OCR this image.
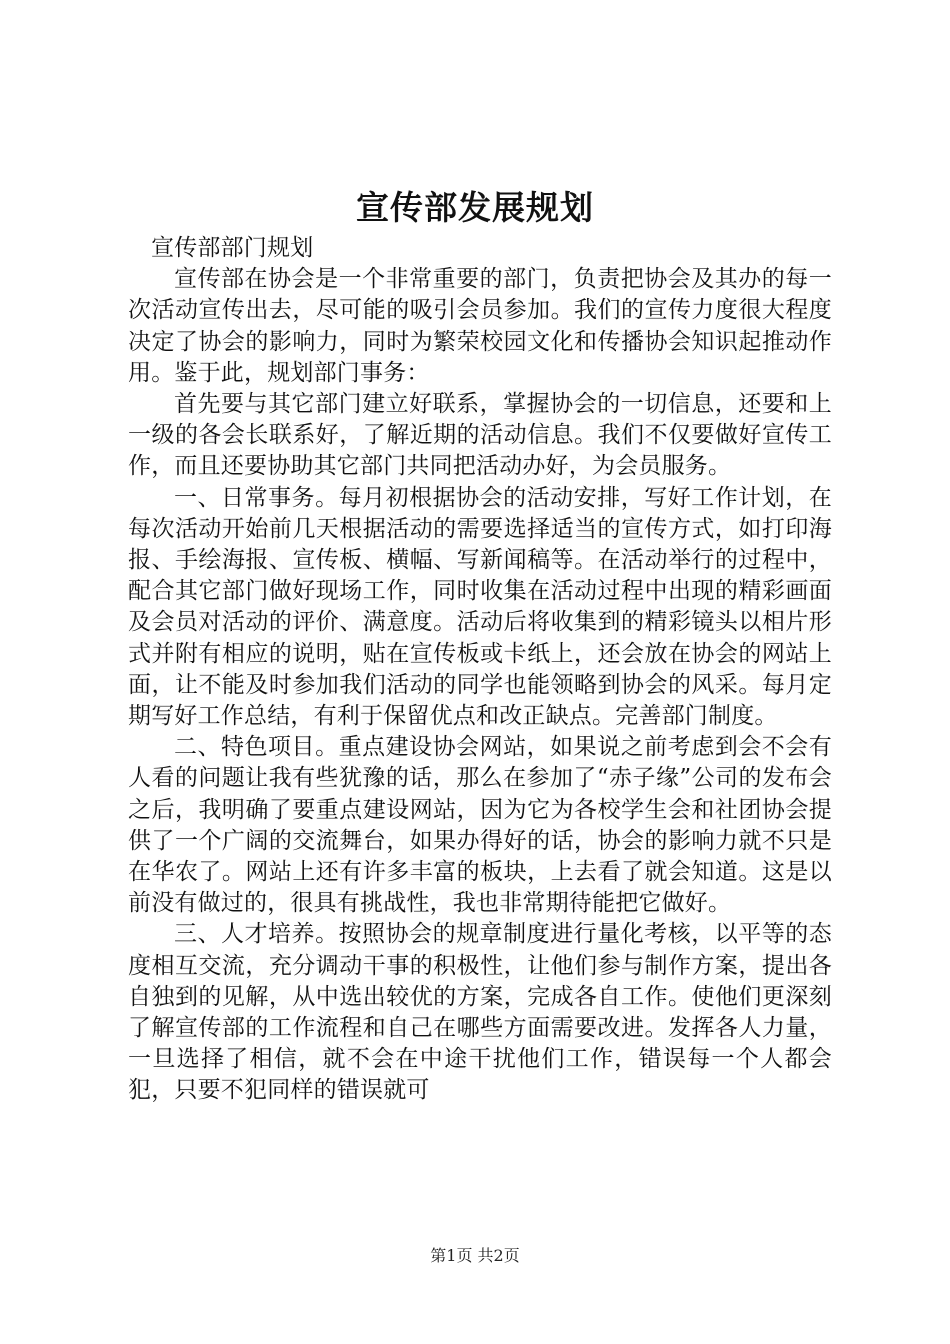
宣传部发展规划

宣传部部门规划

宣传部在协会是一个非常重要的部门，负责把协会及其办的每一次活动宣传出去，尽可能的吸引会员参加。我们的宣传力度很大程度决定了协会的影响力，同时为繁荣校园文化和传播协会知识起推动作用。鉴于此，规划部门事务：

首先要与其它部门建立好联系，掌握协会的一切信息，还要和上一级的各会长联系好，了解近期的活动信息。我们不仅要做好宣传工作，而且还要协助其它部门共同把活动办好，为会员服务。

一、日常事务。每月初根据协会的活动安排，写好工作计划，在每次活动开始前几天根据活动的需要选择适当的宣传方式，如打印海报、手绘海报、宣传板、横幅、写新闻稿等。在活动举行的过程中，配合其它部门做好现场工作，同时收集在活动过程中出现的精彩画面及会员对活动的评价、满意度。活动后将收集到的精彩镜头以相片形式并附有相应的说明，贴在宣传板或卡纸上，还会放在协会的网站上面，让不能及时参加我们活动的同学也能领略到协会的风采。每月定期写好工作总结，有利于保留优点和改正缺点。完善部门制度。

二、特色项目。重点建设协会网站，如果说之前考虑到会不会有人看的问题让我有些犹豫的话，那么在参加了“赤子缘”公司的发布会之后，我明确了要重点建设网站，因为它为各校学生会和社团协会提供了一个广阔的交流舞台，如果办得好的话，协会的影响力就不只是在华农了。网站上还有许多丰富的板块，上去看了就会知道。这是以前没有做过的，很具有挑战性，我也非常期待能把它做好。

三、人才培养。按照协会的规章制度进行量化考核，以平等的态度相互交流，充分调动干事的积极性，让他们参与制作方案，提出各自独到的见解，从中选出较优的方案，完成各自工作。使他们更深刻了解宣传部的工作流程和自己在哪些方面需要改进。发挥各人力量，一旦选择了相信，就不会在中途干扰他们工作，错误每一个人都会犯，只要不犯同样的错误就可

第1页 共2页
